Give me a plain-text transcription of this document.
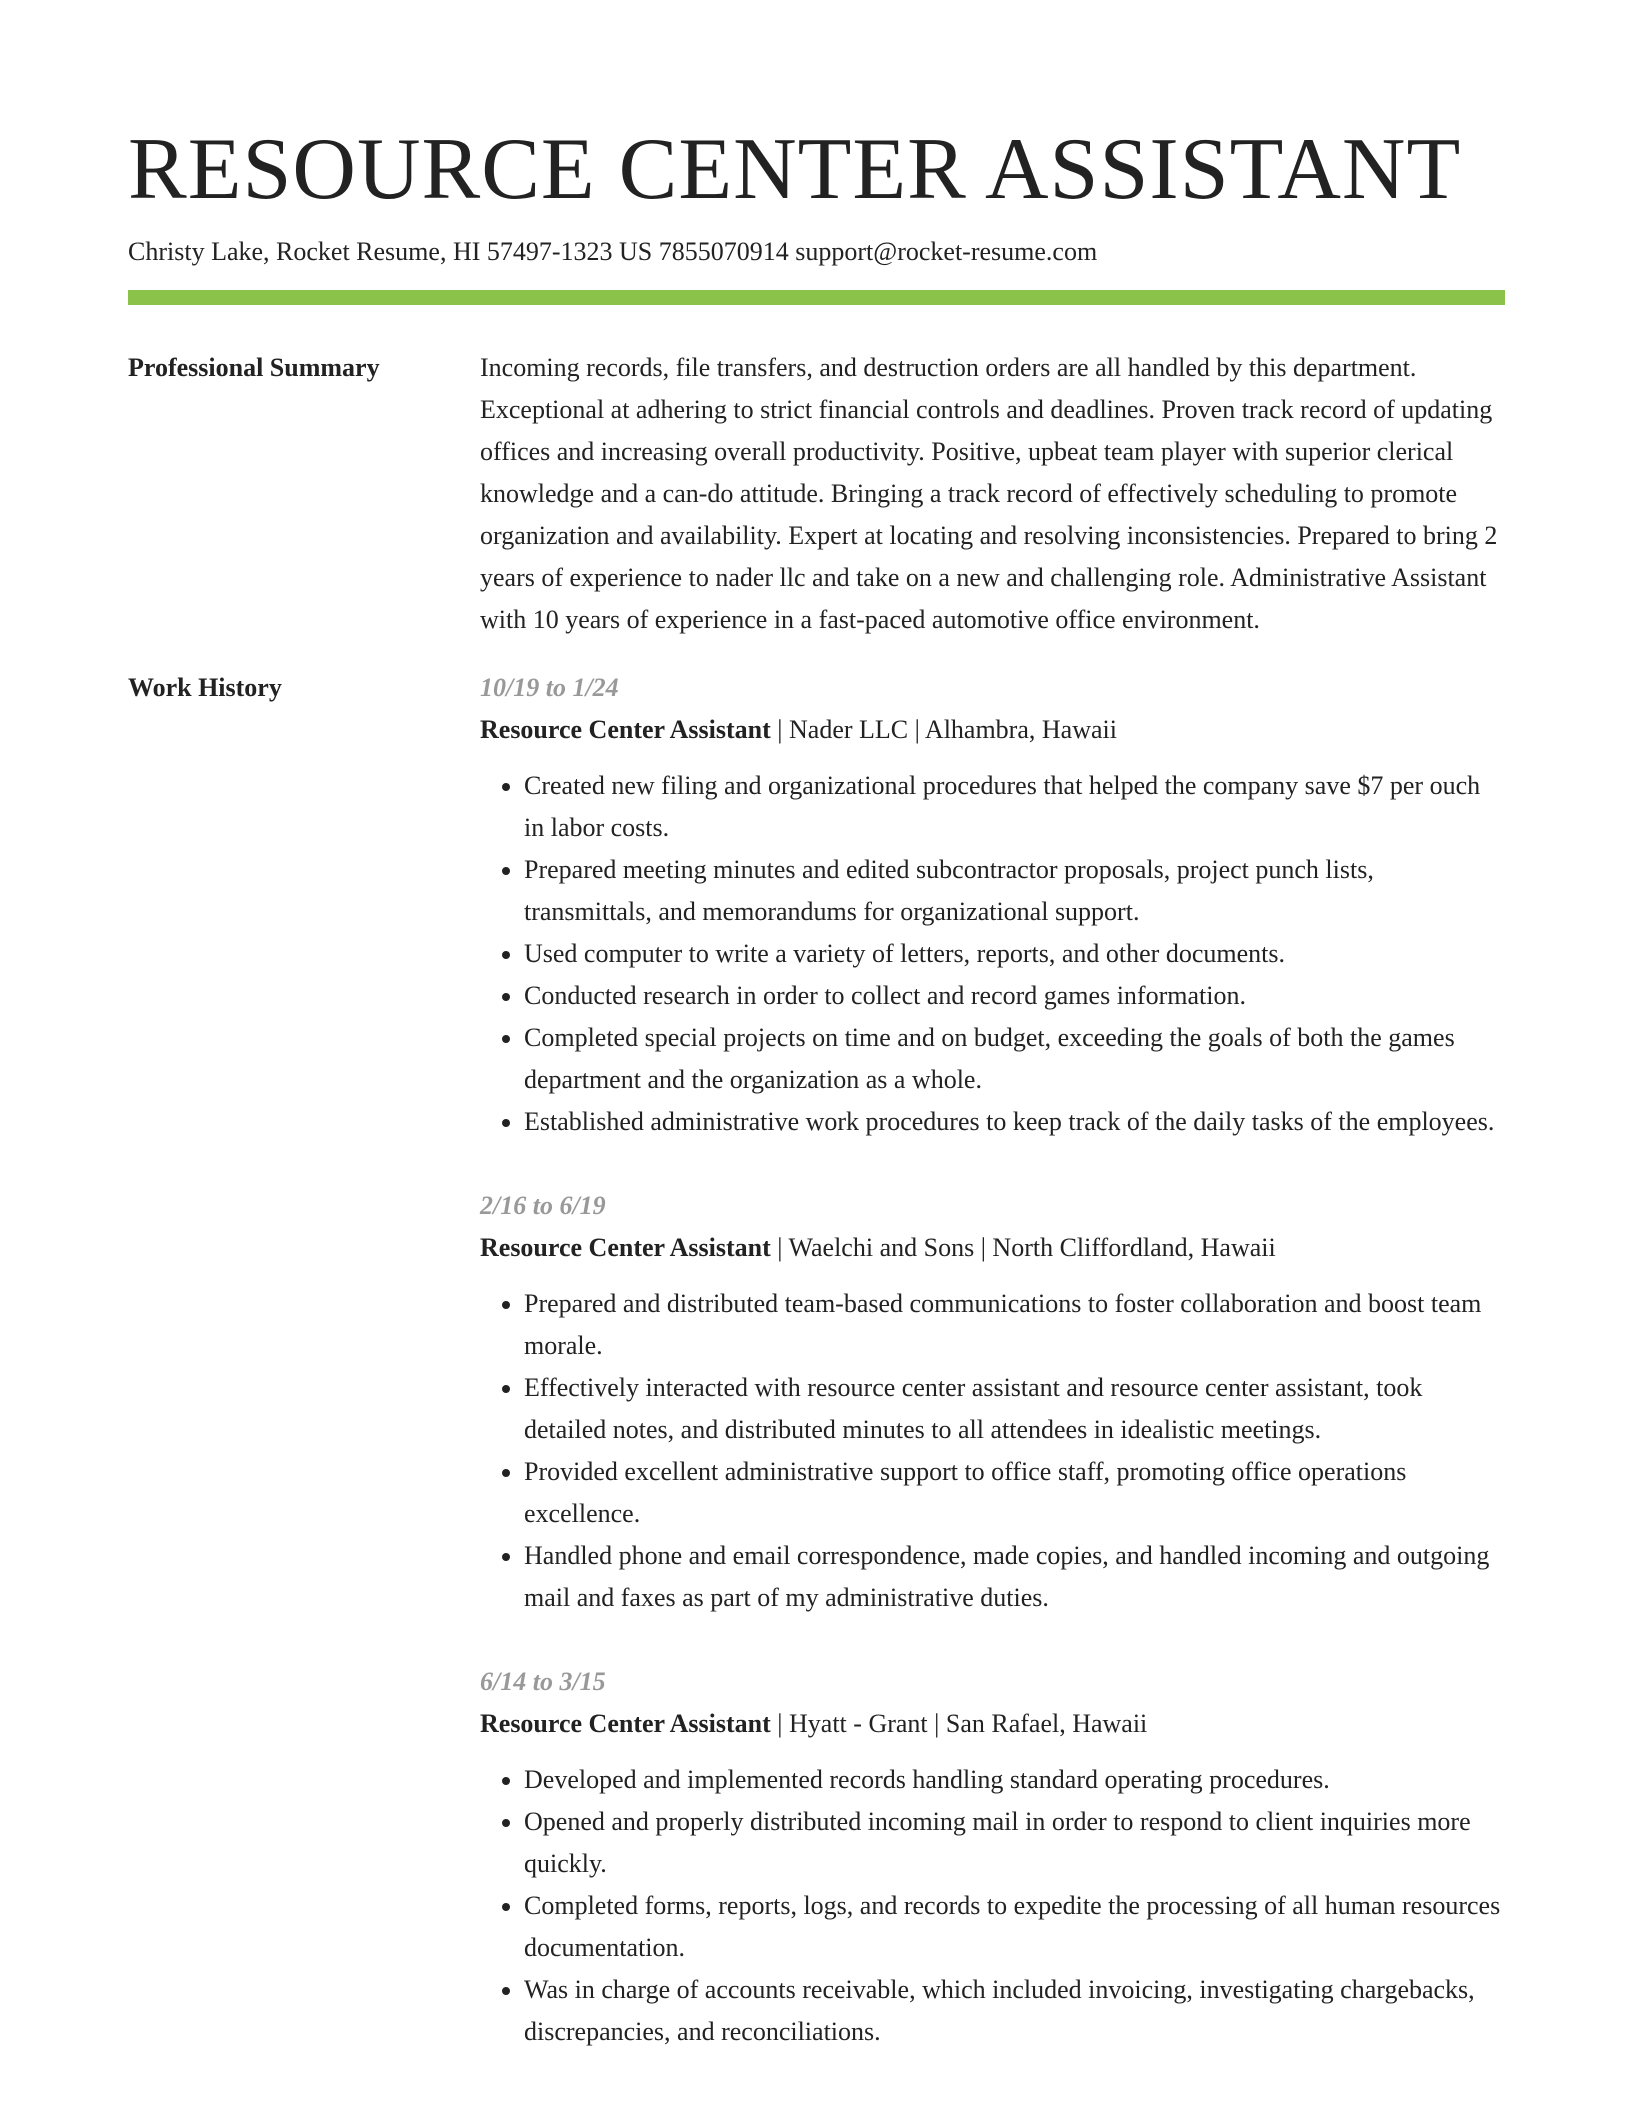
RESOURCE CENTER ASSISTANT
Christy Lake, Rocket Resume, HI 57497-1323 US 7855070914 support@rocket-resume.com
Professional Summary	Incoming records, file transfers, and destruction orders are all handled by this department. Exceptional at adhering to strict financial controls and deadlines. Proven track record of updating offices and increasing overall productivity. Positive, upbeat team player with superior clerical knowledge and a can-do attitude. Bringing a track record of effectively scheduling to promote organization and availability. Expert at locating and resolving inconsistencies. Prepared to bring 2 years of experience to nader llc and take on a new and challenging role. Administrative Assistant with 10 years of experience in a fast-paced automotive office environment.

Work History	10/19 to 1/24
Resource Center Assistant | Nader LLC | Alhambra, Hawaii
• Created new filing and organizational procedures that helped the company save $7 per ouch in labor costs.
• Prepared meeting minutes and edited subcontractor proposals, project punch lists, transmittals, and memorandums for organizational support.
• Used computer to write a variety of letters, reports, and other documents.
• Conducted research in order to collect and record games information.
• Completed special projects on time and on budget, exceeding the goals of both the games department and the organization as a whole.
• Established administrative work procedures to keep track of the daily tasks of the employees.
2/16 to 6/19
Resource Center Assistant | Waelchi and Sons | North Cliffordland, Hawaii
• Prepared and distributed team-based communications to foster collaboration and boost team morale.
• Effectively interacted with resource center assistant and resource center assistant, took detailed notes, and distributed minutes to all attendees in idealistic meetings.
• Provided excellent administrative support to office staff, promoting office operations excellence.
• Handled phone and email correspondence, made copies, and handled incoming and outgoing mail and faxes as part of my administrative duties.
6/14 to 3/15
Resource Center Assistant | Hyatt - Grant | San Rafael, Hawaii
• Developed and implemented records handling standard operating procedures.
• Opened and properly distributed incoming mail in order to respond to client inquiries more quickly.
• Completed forms, reports, logs, and records to expedite the processing of all human resources documentation.
• Was in charge of accounts receivable, which included invoicing, investigating chargebacks, discrepancies, and reconciliations.
